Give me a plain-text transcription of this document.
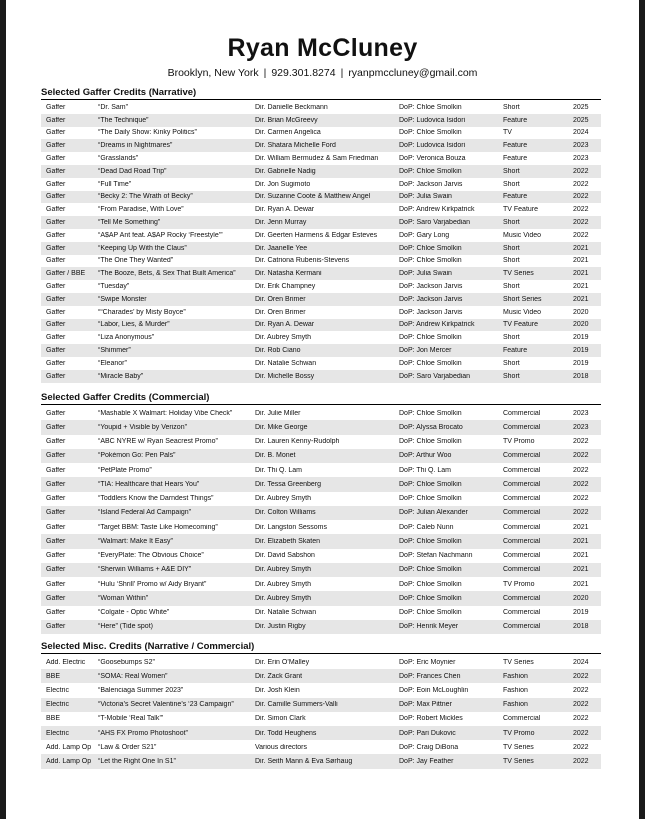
Ryan McCluney
Brooklyn, New York | 929.301.8274 | ryanpmccluney@gmail.com
Selected Gaffer Credits (Narrative)
Gaffer	“Dr. Sam”	Dir. Danielle Beckmann	DoP: Chloe Smolkin	Short	2025
Gaffer	“The Technique”	Dir. Brian McGreevy	DoP: Ludovica Isidori	Feature	2025
Gaffer	“The Daily Show: Kinky Politics”	Dir. Carmen Angelica	DoP: Chloe Smolkin	TV	2024
Gaffer	“Dreams in Nightmares”	Dir. Shatara Michelle Ford	DoP: Ludovica Isidori	Feature	2023
Gaffer	“Grasslands”	Dir. William Bermudez & Sam Friedman	DoP: Veronica Bouza	Feature	2023
Gaffer	“Dead Dad Road Trip”	Dir. Gabrielle Nadig	DoP: Chloe Smolkin	Short	2022
Gaffer	“Full Time”	Dir. Jon Sugimoto	DoP: Jackson Jarvis	Short	2022
Gaffer	“Becky 2: The Wrath of Becky”	Dir. Suzanne Coote & Matthew Angel	DoP: Julia Swain	Feature	2022
Gaffer	“From Paradise, With Love”	Dir. Ryan A. Dewar	DoP: Andrew Kirkpatrick	TV Feature	2022
Gaffer	“Tell Me Something”	Dir. Jenn Murray	DoP: Saro Varjabedian	Short	2022
Gaffer	“A$AP Ant feat. A$AP Rocky ‘Freestyle’”	Dir. Geerten Harmens & Edgar Esteves	DoP: Gary Long	Music Video	2022
Gaffer	“Keeping Up With the Claus”	Dir. Jaanelle Yee	DoP: Chloe Smolkin	Short	2021
Gaffer	“The One They Wanted”	Dir. Catriona Rubenis-Stevens	DoP: Chloe Smolkin	Short	2021
Gaffer / BBE	“The Booze, Bets, & Sex That Built America”	Dir. Natasha Kermani	DoP: Julia Swain	TV Series	2021
Gaffer	“Tuesday”	Dir. Erik Champney	DoP: Jackson Jarvis	Short	2021
Gaffer	“Swipe Monster	Dir. Oren Brimer	DoP: Jackson Jarvis	Short Series	2021
Gaffer	““Charades’ by Misty Boyce”	Dir. Oren Brimer	DoP: Jackson Jarvis	Music Video	2020
Gaffer	“Labor, Lies, & Murder”	Dir. Ryan A. Dewar	DoP: Andrew Kirkpatrick	TV Feature	2020
Gaffer	“Liza Anonymous”	Dir. Aubrey Smyth	DoP: Chloe Smolkin	Short	2019
Gaffer	“Shimmer”	Dir. Rob Ciano	DoP: Jon Mercer	Feature	2019
Gaffer	“Eleanor”	Dir. Natalie Schwan	DoP: Chloe Smolkin	Short	2019
Gaffer	“Miracle Baby”	Dir. Michelle Bossy	DoP: Saro Varjabedian	Short	2018
Selected Gaffer Credits (Commercial)
Gaffer	“Mashable X Walmart: Holiday Vibe Check”	Dir. Julie Miller	DoP: Chloe Smolkin	Commercial	2023
Gaffer	“Youpid + Visible by Verizon”	Dir. Mike George	DoP: Alyssa Brocato	Commercial	2023
Gaffer	“ABC NYRE w/ Ryan Seacrest Promo”	Dir. Lauren Kenny-Rudolph	DoP: Chloe Smolkin	TV Promo	2022
Gaffer	“Pokémon Go: Pen Pals”	Dir. B. Monet	DoP: Arthur Woo	Commercial	2022
Gaffer	“PetPlate Promo”	Dir. Thi Q. Lam	DoP: Thi Q. Lam	Commercial	2022
Gaffer	“TIA: Healthcare that Hears You”	Dir. Tessa Greenberg	DoP: Chloe Smolkin	Commercial	2022
Gaffer	“Toddlers Know the Darndest Things”	Dir. Aubrey Smyth	DoP: Chloe Smolkin	Commercial	2022
Gaffer	“Island Federal Ad Campaign”	Dir. Colton Williams	DoP: Julian Alexander	Commercial	2022
Gaffer	“Target BBM: Taste Like Homecoming”	Dir. Langston Sessoms	DoP: Caleb Nunn	Commercial	2021
Gaffer	“Walmart: Make It Easy”	Dir. Elizabeth Skaten	DoP: Chloe Smolkin	Commercial	2021
Gaffer	“EveryPlate: The Obvious Choice”	Dir. David Sabshon	DoP: Stefan Nachmann	Commercial	2021
Gaffer	“Sherwin Williams + A&E DIY”	Dir. Aubrey Smyth	DoP: Chloe Smolkin	Commercial	2021
Gaffer	“Hulu ‘Shrill’ Promo w/ Aidy Bryant”	Dir. Aubrey Smyth	DoP: Chloe Smolkin	TV Promo	2021
Gaffer	“Woman Within”	Dir. Aubrey Smyth	DoP: Chloe Smolkin	Commercial	2020
Gaffer	“Colgate - Optic White”	Dir. Natalie Schwan	DoP: Chloe Smolkin	Commercial	2019
Gaffer	“Here” (Tide spot)	Dir. Justin Rigby	DoP: Henrik Meyer	Commercial	2018
Selected Misc. Credits (Narrative / Commercial)
Add. Electric	“Goosebumps S2”	Dir. Erin O’Malley	DoP: Eric Moynier	TV Series	2024
BBE	“SOMA: Real Women”	Dir. Zack Grant	DoP: Frances Chen	Fashion	2022
Electric	“Balenciaga Summer 2023”	Dir. Josh Klein	DoP: Eoin McLoughlin	Fashion	2022
Electric	“Victoria’s Secret Valentine’s ‘23 Campaign”	Dir. Camille Summers-Valli	DoP: Max Pittner	Fashion	2022
BBE	“T-Mobile ‘Real Talk’”	Dir. Simon Clark	DoP: Robert Mickles	Commercial	2022
Electric	“AHS FX Promo Photoshoot”	Dir. Todd Heughens	DoP: Pari Dukovic	TV Promo	2022
Add. Lamp Op “Law & Order S21”	Various directors	DoP: Craig DiBona	TV Series	2022
Add. Lamp Op “Let the Right One In S1”	Dir. Seith Mann & Eva Sørhaug	DoP: Jay Feather	TV Series	2022
